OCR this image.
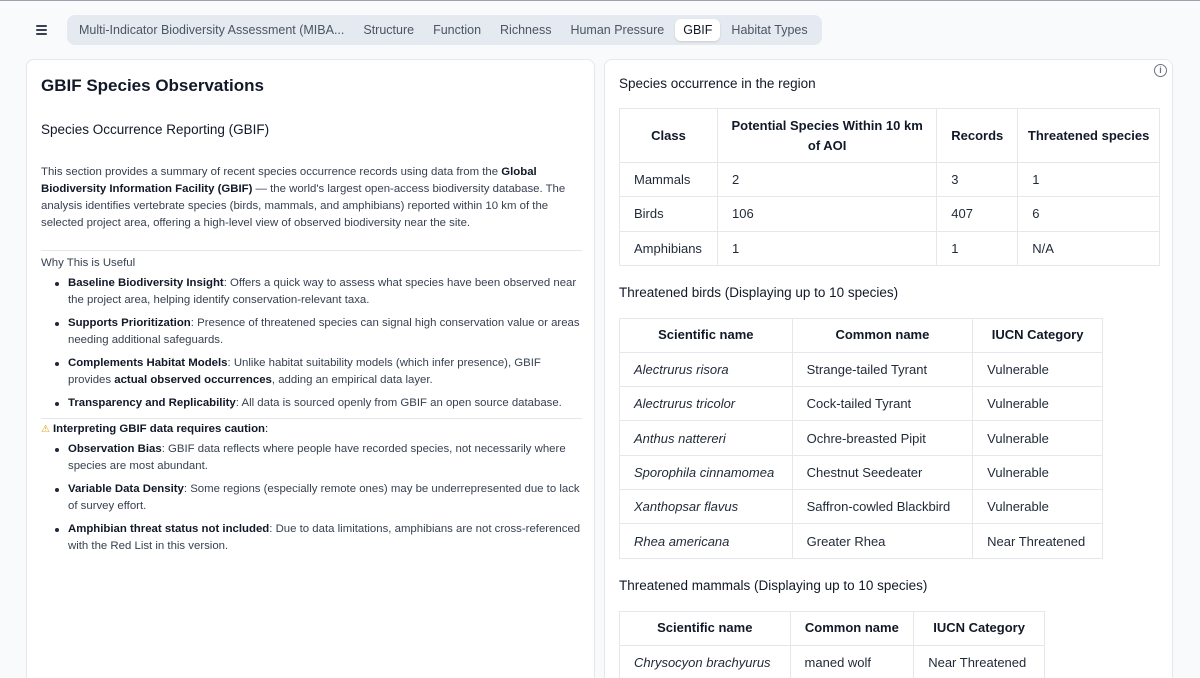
Multi-Indicator Biodiversity Assessment (MIBA...	Structure	Function	Richness	Human Pressure	GBIF	Habitat Types
GBIF Species Observations
Species Occurrence Reporting (GBIF)

This section provides a summary of recent species occurrence records using data from the Global Biodiversity Information Facility (GBIF) — the world's largest open-access biodiversity database. The analysis identifies vertebrate species (birds, mammals, and amphibians) reported within 10 km of the selected project area, offering a high-level view of observed biodiversity near the site.

Why This is Useful
Baseline Biodiversity Insight: Offers a quick way to assess what species have been observed near the project area, helping identify conservation-relevant taxa.
Supports Prioritization: Presence of threatened species can signal high conservation value or areas needing additional safeguards.
Complements Habitat Models: Unlike habitat suitability models (which infer presence), GBIF provides actual observed occurrences, adding an empirical data layer.
Transparency and Replicability: All data is sourced openly from GBIF an open source database.
⚠ Interpreting GBIF data requires caution:
Observation Bias: GBIF data reflects where people have recorded species, not necessarily where species are most abundant.
Variable Data Density: Some regions (especially remote ones) may be underrepresented due to lack of survey effort.
Amphibian threat status not included: Due to data limitations, amphibians are not cross-referenced with the Red List in this version.
i
Species occurrence in the region
Class	Potential Species Within 10 km of AOI	Records	Threatened species
Mammals	2	3	1
Birds	106	407	6
Amphibians	1	1	N/A
Threatened birds (Displaying up to 10 species)
Scientific name	Common name	IUCN Category
Alectrurus risora	Strange-tailed Tyrant	Vulnerable
Alectrurus tricolor	Cock-tailed Tyrant	Vulnerable
Anthus nattereri	Ochre-breasted Pipit	Vulnerable
Sporophila cinnamomea	Chestnut Seedeater	Vulnerable
Xanthopsar flavus	Saffron-cowled Blackbird	Vulnerable
Rhea americana	Greater Rhea	Near Threatened
Threatened mammals (Displaying up to 10 species)
Scientific name	Common name	IUCN Category
Chrysocyon brachyurus	maned wolf	Near Threatened
